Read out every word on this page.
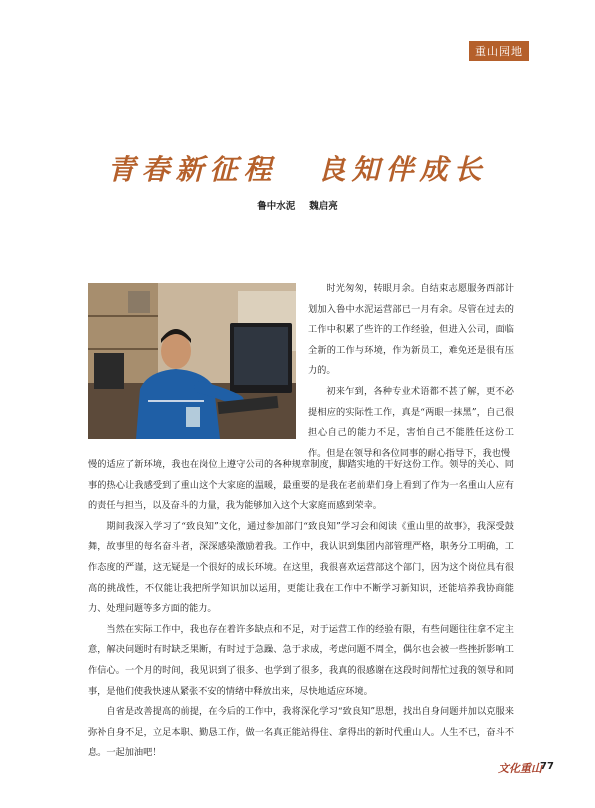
重山园地
青春新征程 良知伴成长
鲁中水泥 魏启亮

时光匆匆，转眼月余。自结束志愿服务西部计划加入鲁中水泥运营部已一月有余。尽管在过去的工作中积累了些许的工作经验，但进入公司，面临全新的工作与环境，作为新员工，难免还是很有压力的。

初来乍到，各种专业术语都不甚了解，更不必提相应的实际性工作，真是“两眼一抹黑”，自己很担心自己的能力不足，害怕自己不能胜任这份工作。但是在领导和各位同事的耐心指导下，我也慢

慢的适应了新环境，我也在岗位上遵守公司的各种规章制度，脚踏实地的干好这份工作。领导的关心、同事的热心让我感受到了重山这个大家庭的温暖，最重要的是我在老前辈们身上看到了作为一名重山人应有的责任与担当，以及奋斗的力量，我为能够加入这个大家庭而感到荣幸。

期间我深入学习了“致良知”文化，通过参加部门“致良知”学习会和阅读《重山里的故事》，我深受鼓舞，故事里的每名奋斗者，深深感染激励着我。工作中，我认识到集团内部管理严格，职务分工明确，工作态度的严谨，这无疑是一个很好的成长环境。在这里，我很喜欢运营部这个部门，因为这个岗位具有很高的挑战性，不仅能让我把所学知识加以运用，更能让我在工作中不断学习新知识，还能培养我协商能力、处理问题等多方面的能力。

当然在实际工作中，我也存在着许多缺点和不足，对于运营工作的经验有限，有些问题往往拿不定主意，解决问题时有时缺乏果断，有时过于急躁、急于求成，考虑问题不周全，偶尔也会被一些挫折影响工作信心。一个月的时间，我见识到了很多、也学到了很多，我真的很感谢在这段时间帮忙过我的领导和同事，是他们使我快速从紧张不安的情绪中释放出来，尽快地适应环境。

自省是改善提高的前提，在今后的工作中，我将深化学习“致良知”思想，找出自身问题并加以克服来弥补自身不足，立足本职、勤恳工作，做一名真正能站得住、拿得出的新时代重山人。人生不已，奋斗不息。一起加油吧！

文化重山
77
